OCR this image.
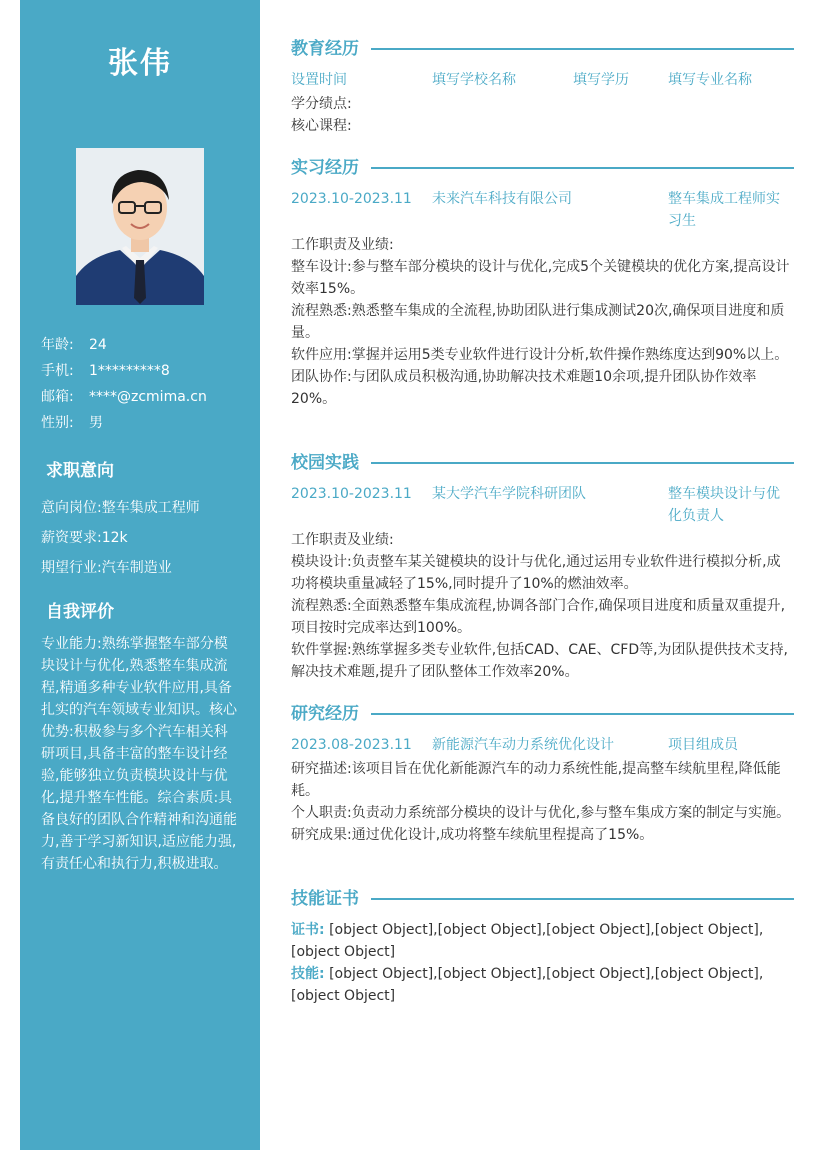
张伟
年龄: 24
手机: 1*********8
邮箱: ****@zcmima.cn
性别: 男
求职意向
意向岗位:整车集成工程师
薪资要求:12k
期望行业:汽车制造业
自我评价
专业能力:熟练掌握整车部分模块设计与优化,熟悉整车集成流程,精通多种专业软件应用,具备扎实的汽车领域专业知识。核心优势:积极参与多个汽车相关科研项目,具备丰富的整车设计经验,能够独立负责模块设计与优化,提升整车性能。综合素质:具备良好的团队合作精神和沟通能力,善于学习新知识,适应能力强,有责任心和执行力,积极进取。
教育经历
设置时间	填写学校名称	填写学历	填写专业名称
学分绩点:
核心课程:
实习经历
2023.10-2023.11 未来汽车科技有限公司	整车集成工程师实习生
工作职责及业绩:
整车设计:参与整车部分模块的设计与优化,完成5个关键模块的优化方案,提高设计效率15%。
流程熟悉:熟悉整车集成的全流程,协助团队进行集成测试20次,确保项目进度和质量。
软件应用:掌握并运用5类专业软件进行设计分析,软件操作熟练度达到90%以上。
团队协作:与团队成员积极沟通,协助解决技术难题10余项,提升团队协作效率20%。
校园实践
2023.10-2023.11 某大学汽车学院科研团队	整车模块设计与优化负责人
工作职责及业绩:
模块设计:负责整车某关键模块的设计与优化,通过运用专业软件进行模拟分析,成功将模块重量减轻了15%,同时提升了10%的燃油效率。
流程熟悉:全面熟悉整车集成流程,协调各部门合作,确保项目进度和质量双重提升,项目按时完成率达到100%。
软件掌握:熟练掌握多类专业软件,包括CAD、CAE、CFD等,为团队提供技术支持,解决技术难题,提升了团队整体工作效率20%。
研究经历
2023.08-2023.11 新能源汽车动力系统优化设计	项目组成员
研究描述:该项目旨在优化新能源汽车的动力系统性能,提高整车续航里程,降低能耗。
个人职责:负责动力系统部分模块的设计与优化,参与整车集成方案的制定与实施。
研究成果:通过优化设计,成功将整车续航里程提高了15%。
技能证书
证书: [object Object],[object Object],[object Object],[object Object],[object Object]
技能: [object Object],[object Object],[object Object],[object Object],[object Object]
